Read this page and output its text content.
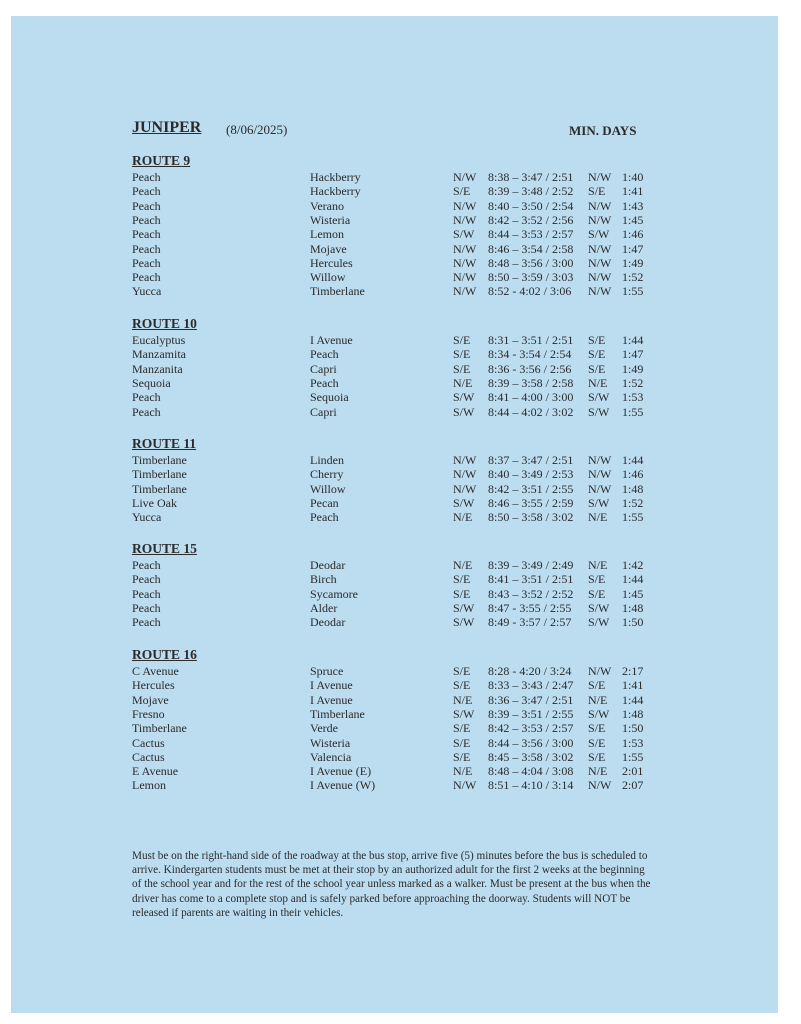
JUNIPER (8/06/2025)	MIN. DAYS
ROUTE 9
Peach	Hackberry	N/W 8:38 – 3:47 / 2:51 N/W 1:40
Peach	Hackberry	S/E 8:39 – 3:48 / 2:52 S/E 1:41
Peach	Verano	N/W 8:40 – 3:50 / 2:54 N/W 1:43
Peach	Wisteria	N/W 8:42 – 3:52 / 2:56 N/W 1:45
Peach	Lemon	S/W 8:44 – 3:53 / 2:57 S/W 1:46
Peach	Mojave	N/W 8:46 – 3:54 / 2:58 N/W 1:47
Peach	Hercules	N/W 8:48 – 3:56 / 3:00 N/W 1:49
Peach	Willow	N/W 8:50 – 3:59 / 3:03 N/W 1:52
Yucca	Timberlane	N/W 8:52 - 4:02 / 3:06 N/W 1:55
ROUTE 10
Eucalyptus	I Avenue	S/E 8:31 – 3:51 / 2:51 S/E 1:44
Manzamita	Peach	S/E 8:34 - 3:54 / 2:54 S/E 1:47
Manzanita	Capri	S/E 8:36 - 3:56 / 2:56 S/E 1:49
Sequoia	Peach	N/E 8:39 – 3:58 / 2:58 N/E 1:52
Peach	Sequoia	S/W 8:41 – 4:00 / 3:00 S/W 1:53
Peach	Capri	S/W 8:44 – 4:02 / 3:02 S/W 1:55
ROUTE 11
Timberlane	Linden	N/W 8:37 – 3:47 / 2:51 N/W 1:44
Timberlane	Cherry	N/W 8:40 – 3:49 / 2:53 N/W 1:46
Timberlane	Willow	N/W 8:42 – 3:51 / 2:55 N/W 1:48
Live Oak	Pecan	S/W 8:46 – 3:55 / 2:59 S/W 1:52
Yucca	Peach	N/E 8:50 – 3:58 / 3:02 N/E 1:55
ROUTE 15
Peach	Deodar	N/E 8:39 – 3:49 / 2:49 N/E 1:42
Peach	Birch	S/E 8:41 – 3:51 / 2:51 S/E 1:44
Peach	Sycamore	S/E 8:43 – 3:52 / 2:52 S/E 1:45
Peach	Alder	S/W 8:47 - 3:55 / 2:55 S/W 1:48
Peach	Deodar	S/W 8:49 - 3:57 / 2:57 S/W 1:50
ROUTE 16
C Avenue	Spruce	S/E 8:28 - 4:20 / 3:24 N/W 2:17
Hercules	I Avenue	S/E 8:33 – 3:43 / 2:47 S/E 1:41
Mojave	I Avenue	N/E 8:36 – 3:47 / 2:51 N/E 1:44
Fresno	Timberlane	S/W 8:39 – 3:51 / 2:55 S/W 1:48
Timberlane	Verde	S/E 8:42 – 3:53 / 2:57 S/E 1:50
Cactus	Wisteria	S/E 8:44 – 3:56 / 3:00 S/E 1:53
Cactus	Valencia	S/E 8:45 – 3:58 / 3:02 S/E 1:55
E Avenue	I Avenue (E)	N/E 8:48 – 4:04 / 3:08 N/E 2:01
Lemon	I Avenue (W)	N/W 8:51 – 4:10 / 3:14 N/W 2:07
Must be on the right-hand side of the roadway at the bus stop, arrive five (5) minutes before the bus is scheduled to arrive. Kindergarten students must be met at their stop by an authorized adult for the first 2 weeks at the beginning of the school year and for the rest of the school year unless marked as a walker. Must be present at the bus when the driver has come to a complete stop and is safely parked before approaching the doorway. Students will NOT be released if parents are waiting in their vehicles.
